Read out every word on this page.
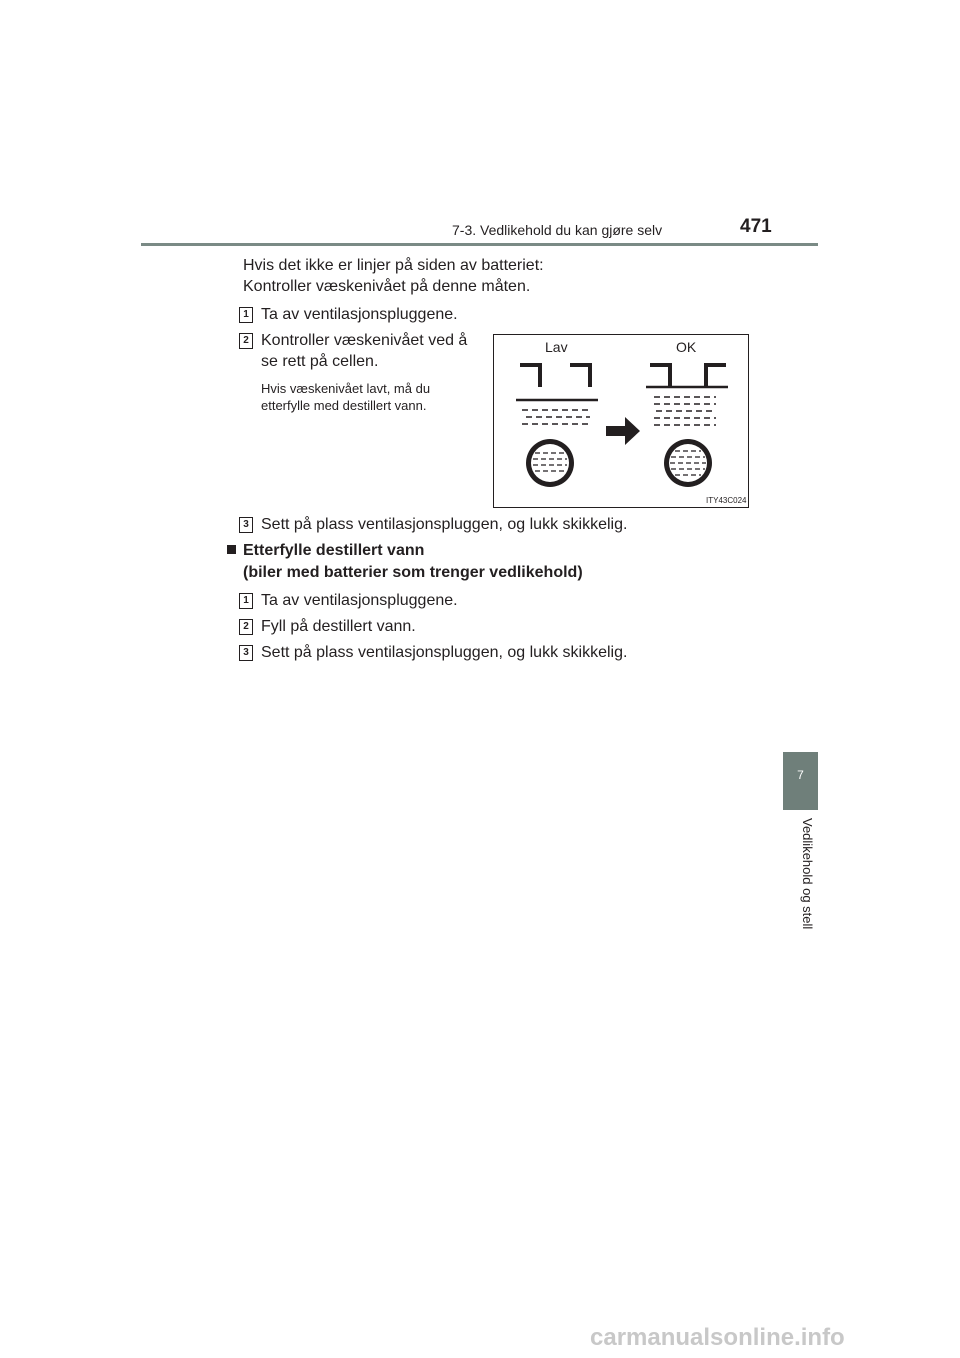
7-3. Vedlikehold du kan gjøre selv	471
7
Vedlikehold og stell
Hvis det ikke er linjer på siden av batteriet:
Kontroller væskenivået på denne måten.
1 Ta av ventilasjonspluggene.
2 Kontroller væskenivået ved å
se rett på cellen.
Hvis væskenivået lavt, må du
etterfylle med destillert vann.
Lav	OK
ITY43C024
3 Sett på plass ventilasjonspluggen, og lukk skikkelig.
Etterfylle destillert vann
(biler med batterier som trenger vedlikehold)
1 Ta av ventilasjonspluggene.
2 Fyll på destillert vann.
3 Sett på plass ventilasjonspluggen, og lukk skikkelig.
carmanualsonline.info
